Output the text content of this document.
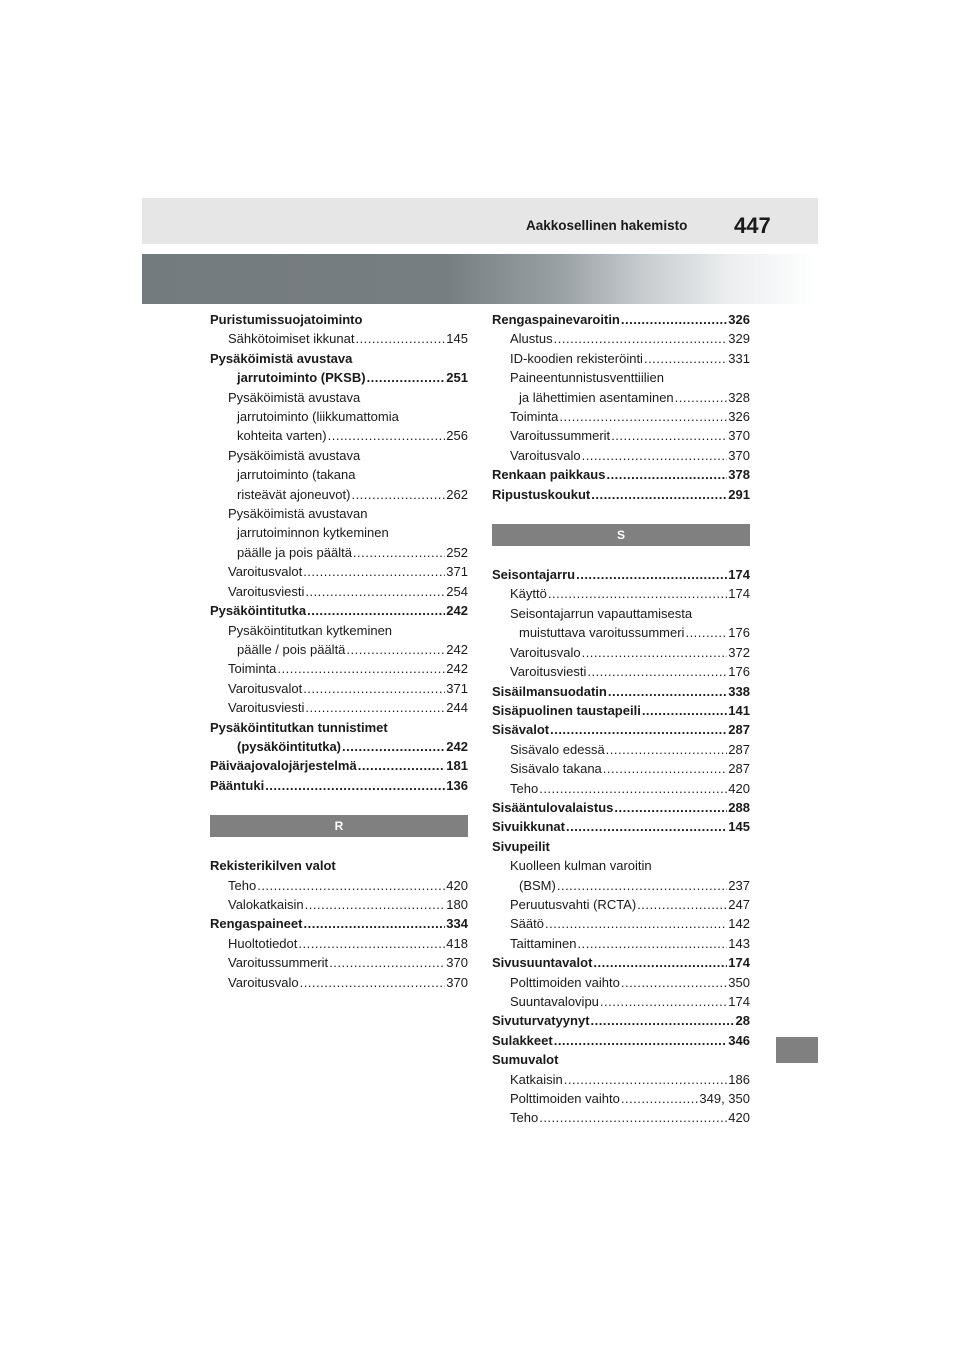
Aakkosellinen hakemisto 447
Puristumissuojatoiminto
Sähkötoimiset ikkunat .....	145
Pysäköimistä avustava
jarrutoiminto (PKSB) .....	251
Pysäköimistä avustava
jarrutoiminto (liikkumattomia
kohteita varten) .....	256
Pysäköimistä avustava
jarrutoiminto (takana
risteävät ajoneuvot) .....	262
Pysäköimistä avustavan
jarrutoiminnon kytkeminen
päälle ja pois päältä .....	252
Varoitusvalot .....	371
Varoitusviesti .....	254
Pysäköintitutka .....	242
Pysäköintitutkan kytkeminen
päälle / pois päältä .....	242
Toiminta .....	242
Varoitusvalot .....	371
Varoitusviesti .....	244
Pysäköintitutkan tunnistimet
(pysäköintitutka) .....	242
Päiväajovalojärjestelmä .....	181
Pääntuki .....	136
R
Rekisterikilven valot
Teho .....	420
Valokatkaisin .....	180
Rengaspaineet .....	334
Huoltotiedot .....	418
Varoitussummerit .....	370
Varoitusvalo .....	370
Rengaspainevaroitin .....	326
Alustus .....	329
ID-koodien rekisteröinti .....	331
Paineentunnistusventtiilien
ja lähettimien asentaminen .....	328
Toiminta .....	326
Varoitussummerit .....	370
Varoitusvalo .....	370
Renkaan paikkaus .....	378
Ripustuskoukut .....	291
S
Seisontajarru .....	174
Käyttö .....	174
Seisontajarrun vapauttamisesta
muistuttava varoitussummeri .....	176
Varoitusvalo .....	372
Varoitusviesti .....	176
Sisäilmansuodatin .....	338
Sisäpuolinen taustapeili .....	141
Sisävalot .....	287
Sisävalo edessä .....	287
Sisävalo takana .....	287
Teho .....	420
Sisääntulovalaistus .....	288
Sivuikkunat .....	145
Sivupeilit
Kuolleen kulman varoitin
(BSM) .....	237
Peruutusvahti (RCTA) .....	247
Säätö .....	142
Taittaminen .....	143
Sivusuuntavalot .....	174
Polttimoiden vaihto .....	350
Suuntavalovipu .....	174
Sivuturvatyynyt .....	28
Sulakkeet .....	346
Sumuvalot
Katkaisin .....	186
Polttimoiden vaihto .....	349, 350
Teho .....	420
